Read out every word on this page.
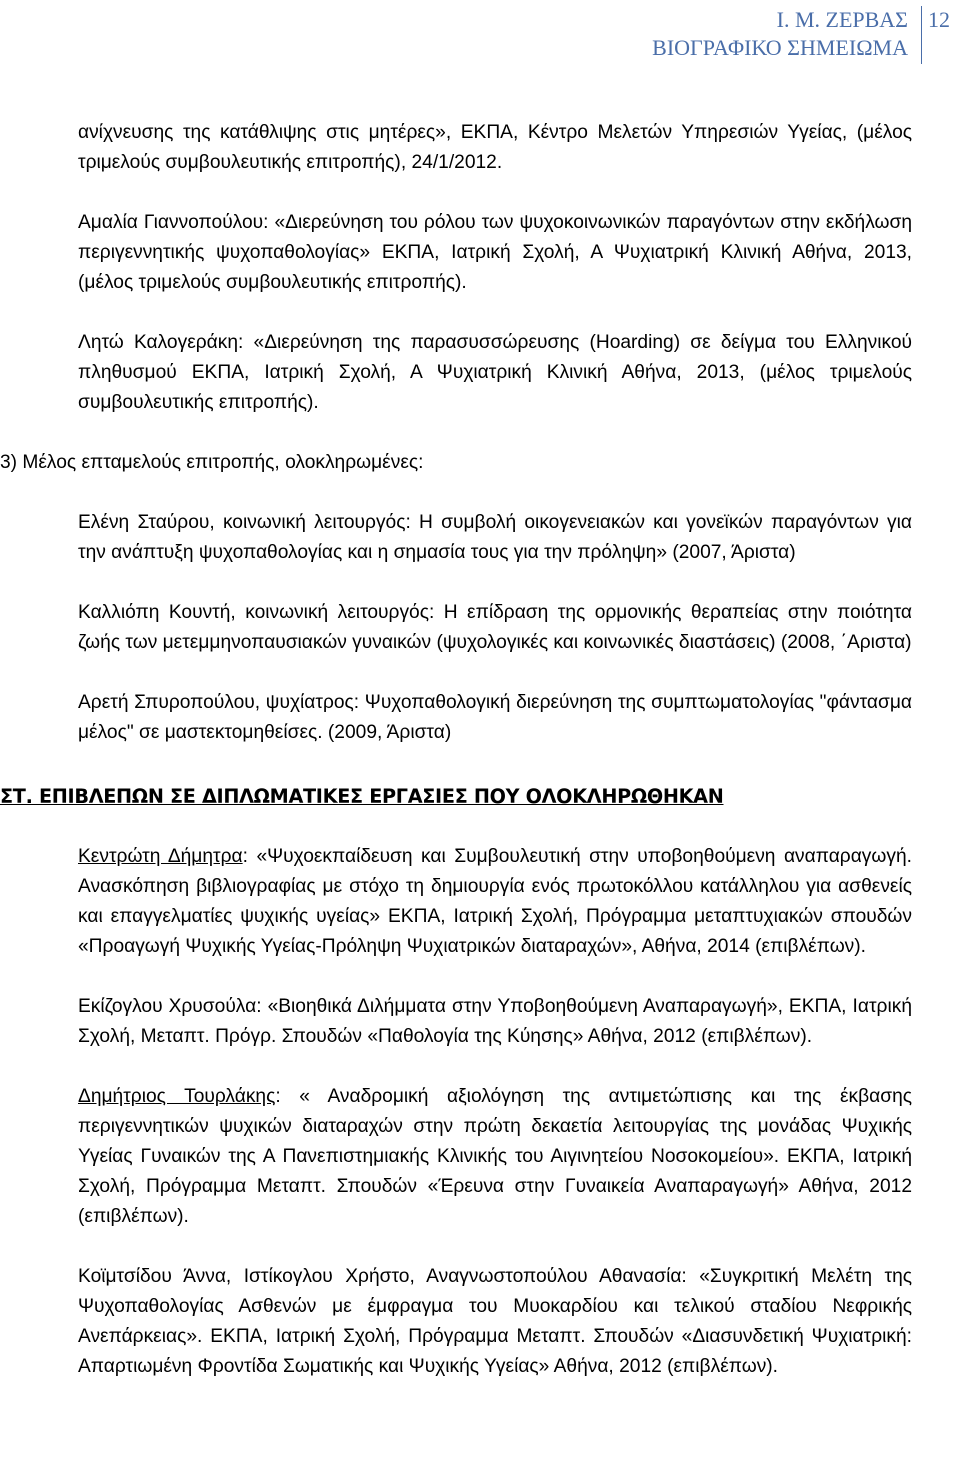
Ι. Μ. ΖΕΡΒΑΣ
ΒΙΟΓΡΑΦΙΚΟ ΣΗΜΕΙΩΜΑ
12

ανίχνευσης της κατάθλιψης στις μητέρες», ΕΚΠΑ, Κέντρο Μελετών Υπηρεσιών Υγείας, (μέλος τριμελούς συμβουλευτικής επιτροπής), 24/1/2012.

Αμαλία Γιαννοπούλου: «Διερεύνηση του ρόλου των ψυχοκοινωνικών παραγόντων στην εκδήλωση περιγεννητικής ψυχοπαθολογίας» ΕΚΠΑ, Ιατρική Σχολή, Α Ψυχιατρική Κλινική Αθήνα, 2013, (μέλος τριμελούς συμβουλευτικής επιτροπής).

Λητώ Καλογεράκη: «Διερεύνηση της παρασυσσώρευσης (Hoarding) σε δείγμα του Ελληνικού πληθυσμού ΕΚΠΑ, Ιατρική Σχολή, Α Ψυχιατρική Κλινική Αθήνα, 2013, (μέλος τριμελούς συμβουλευτικής επιτροπής).

3) Μέλος επταμελούς επιτροπής, ολοκληρωμένες:

Ελένη Σταύρου, κοινωνική λειτουργός: Η συμβολή οικογενειακών και γονεϊκών παραγόντων για την ανάπτυξη ψυχοπαθολογίας και η σημασία τους για την πρόληψη» (2007, Άριστα)

Καλλιόπη Κουντή, κοινωνική λειτουργός: Η επίδραση της ορμονικής θεραπείας στην ποιότητα ζωής των μετεμμηνοπαυσιακών γυναικών (ψυχολογικές και κοινωνικές διαστάσεις) (2008, ΄Αριστα)

Αρετή Σπυροπούλου, ψυχίατρος: Ψυχοπαθολογική διερεύνηση της συμπτωματολογίας "φάντασμα μέλος" σε μαστεκτομηθείσες. (2009, Άριστα)

ΣΤ. ΕΠΙΒΛΕΠΩΝ ΣΕ ΔΙΠΛΩΜΑΤΙΚΕΣ ΕΡΓΑΣΙΕΣ ΠΟΥ ΟΛΟΚΛΗΡΩΘΗΚΑΝ

Κεντρώτη Δήμητρα: «Ψυχοεκπαίδευση και Συμβουλευτική στην υποβοηθούμενη αναπαραγωγή. Ανασκόπηση βιβλιογραφίας με στόχο τη δημιουργία ενός πρωτοκόλλου κατάλληλου για ασθενείς και επαγγελματίες ψυχικής υγείας» ΕΚΠΑ, Ιατρική Σχολή, Πρόγραμμα μεταπτυχιακών σπουδών «Προαγωγή Ψυχικής Υγείας-Πρόληψη Ψυχιατρικών διαταραχών», Αθήνα, 2014 (επιβλέπων).

Εκίζογλου Χρυσούλα: «Βιοηθικά Διλήμματα στην Υποβοηθούμενη Αναπαραγωγή», ΕΚΠΑ, Ιατρική Σχολή, Μεταπτ. Πρόγρ. Σπουδών «Παθολογία της Κύησης» Αθήνα, 2012 (επιβλέπων).

Δημήτριος Τουρλάκης: « Αναδρομική αξιολόγηση της αντιμετώπισης και της έκβασης περιγεννητικών ψυχικών διαταραχών στην πρώτη δεκαετία λειτουργίας της μονάδας Ψυχικής Υγείας Γυναικών της Α Πανεπιστημιακής Κλινικής του Αιγινητείου Νοσοκομείου». ΕΚΠΑ, Ιατρική Σχολή, Πρόγραμμα Μεταπτ. Σπουδών «Έρευνα στην Γυναικεία Αναπαραγωγή» Αθήνα, 2012 (επιβλέπων).

Κοϊμτσίδου Άννα, Ιστίκογλου Χρήστο, Αναγνωστοπούλου Αθανασία: «Συγκριτική Μελέτη της Ψυχοπαθολογίας Ασθενών με έμφραγμα του Μυοκαρδίου και τελικού σταδίου Νεφρικής Ανεπάρκειας». ΕΚΠΑ, Ιατρική Σχολή, Πρόγραμμα Μεταπτ. Σπουδών «Διασυνδετική Ψυχιατρική: Απαρτιωμένη Φροντίδα Σωματικής και Ψυχικής Υγείας» Αθήνα, 2012 (επιβλέπων).
